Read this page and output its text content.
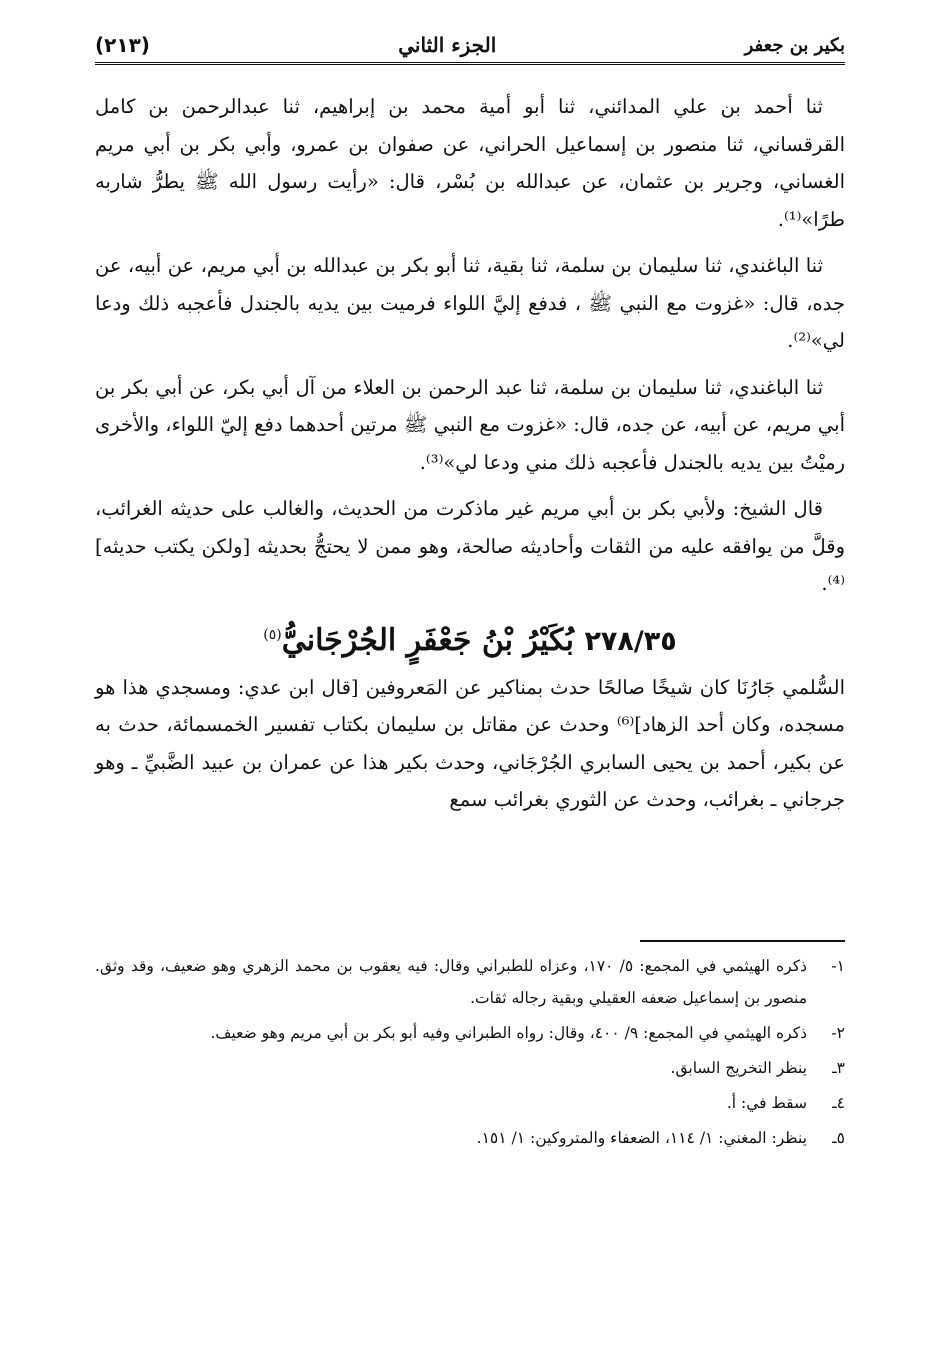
بكير بن جعفر
الجزء الثاني
(٢١٣)

ثنا أحمد بن علي المدائني، ثنا أبو أمية محمد بن إبراهيم، ثنا عبدالرحمن بن كامل القرقساني، ثنا منصور بن إسماعيل الحراني، عن صفوان بن عمرو، وأبي بكر بن أبي مريم الغساني، وجرير بن عثمان، عن عبدالله بن بُسْر، قال: «رأيت رسول الله ﷺ يطرُّ شاربه طرًا»⁽¹⁾.

ثنا الباغندي، ثنا سليمان بن سلمة، ثنا بقية، ثنا أبو بكر بن عبدالله بن أبي مريم، عن أبيه، عن جده، قال: «غزوت مع النبي ﷺ ، فدفع إليَّ اللواء فرميت بين يديه بالجندل فأعجبه ذلك ودعا لي»⁽²⁾.

ثنا الباغندي، ثنا سليمان بن سلمة، ثنا عبد الرحمن بن العلاء من آل أبي بكر، عن أبي بكر بن أبي مريم، عن أبيه، عن جده، قال: «غزوت مع النبي ﷺ مرتين أحدهما دفع إليّ اللواء، والأخرى رميْتُ بين يديه بالجندل فأعجبه ذلك مني ودعا لي»⁽³⁾.

قال الشيخ: ولأبي بكر بن أبي مريم غير ماذكرت من الحديث، والغالب على حديثه الغرائب، وقلَّ من يوافقه عليه من الثقات وأحاديثه صالحة، وهو ممن لا يحتجُّ بحديثه [ولكن يكتب حديثه]⁽⁴⁾.

٢٧٨/٣٥ بُكَيْرُ بْنُ جَعْفَرٍ الجُرْجَانيُّ$^{(٥)}$

السُّلمي جَارُنَا كان شيخًا صالحًا حدث بمناكير عن المَعروفين [قال ابن عدي: ومسجدي هذا هو مسجده، وكان أحد الزهاد]⁽⁶⁾ وحدث عن مقاتل بن سليمان بكتاب تفسير الخمسمائة، حدث به عن بكير، أحمد بن يحيى السابري الجُرْجَاني، وحدث بكير هذا عن عمران بن عبيد الضَّبيِّ ـ وهو جرجاني ـ بغرائب، وحدث عن الثوري بغرائب سمع

١-
ذكره الهيثمي في المجمع: ٥/ ١٧٠، وعزاه للطبراني وقال: فيه يعقوب بن محمد الزهري وهو ضعيف، وقد وثق. منصور بن إسماعيل ضعفه العقيلي وبقية رجاله ثقات.
٢-
ذكره الهيثمي في المجمع: ٩/ ٤٠٠، وقال: رواه الطبراني وفيه أبو بكر بن أبي مريم وهو ضعيف.
٣ـ
ينظر التخريج السابق.
٤ـ
سقط في: أ.
٥ـ
ينظر: المغني: ١/ ١١٤، الضعفاء والمتروكين: ١/ ١٥١.
